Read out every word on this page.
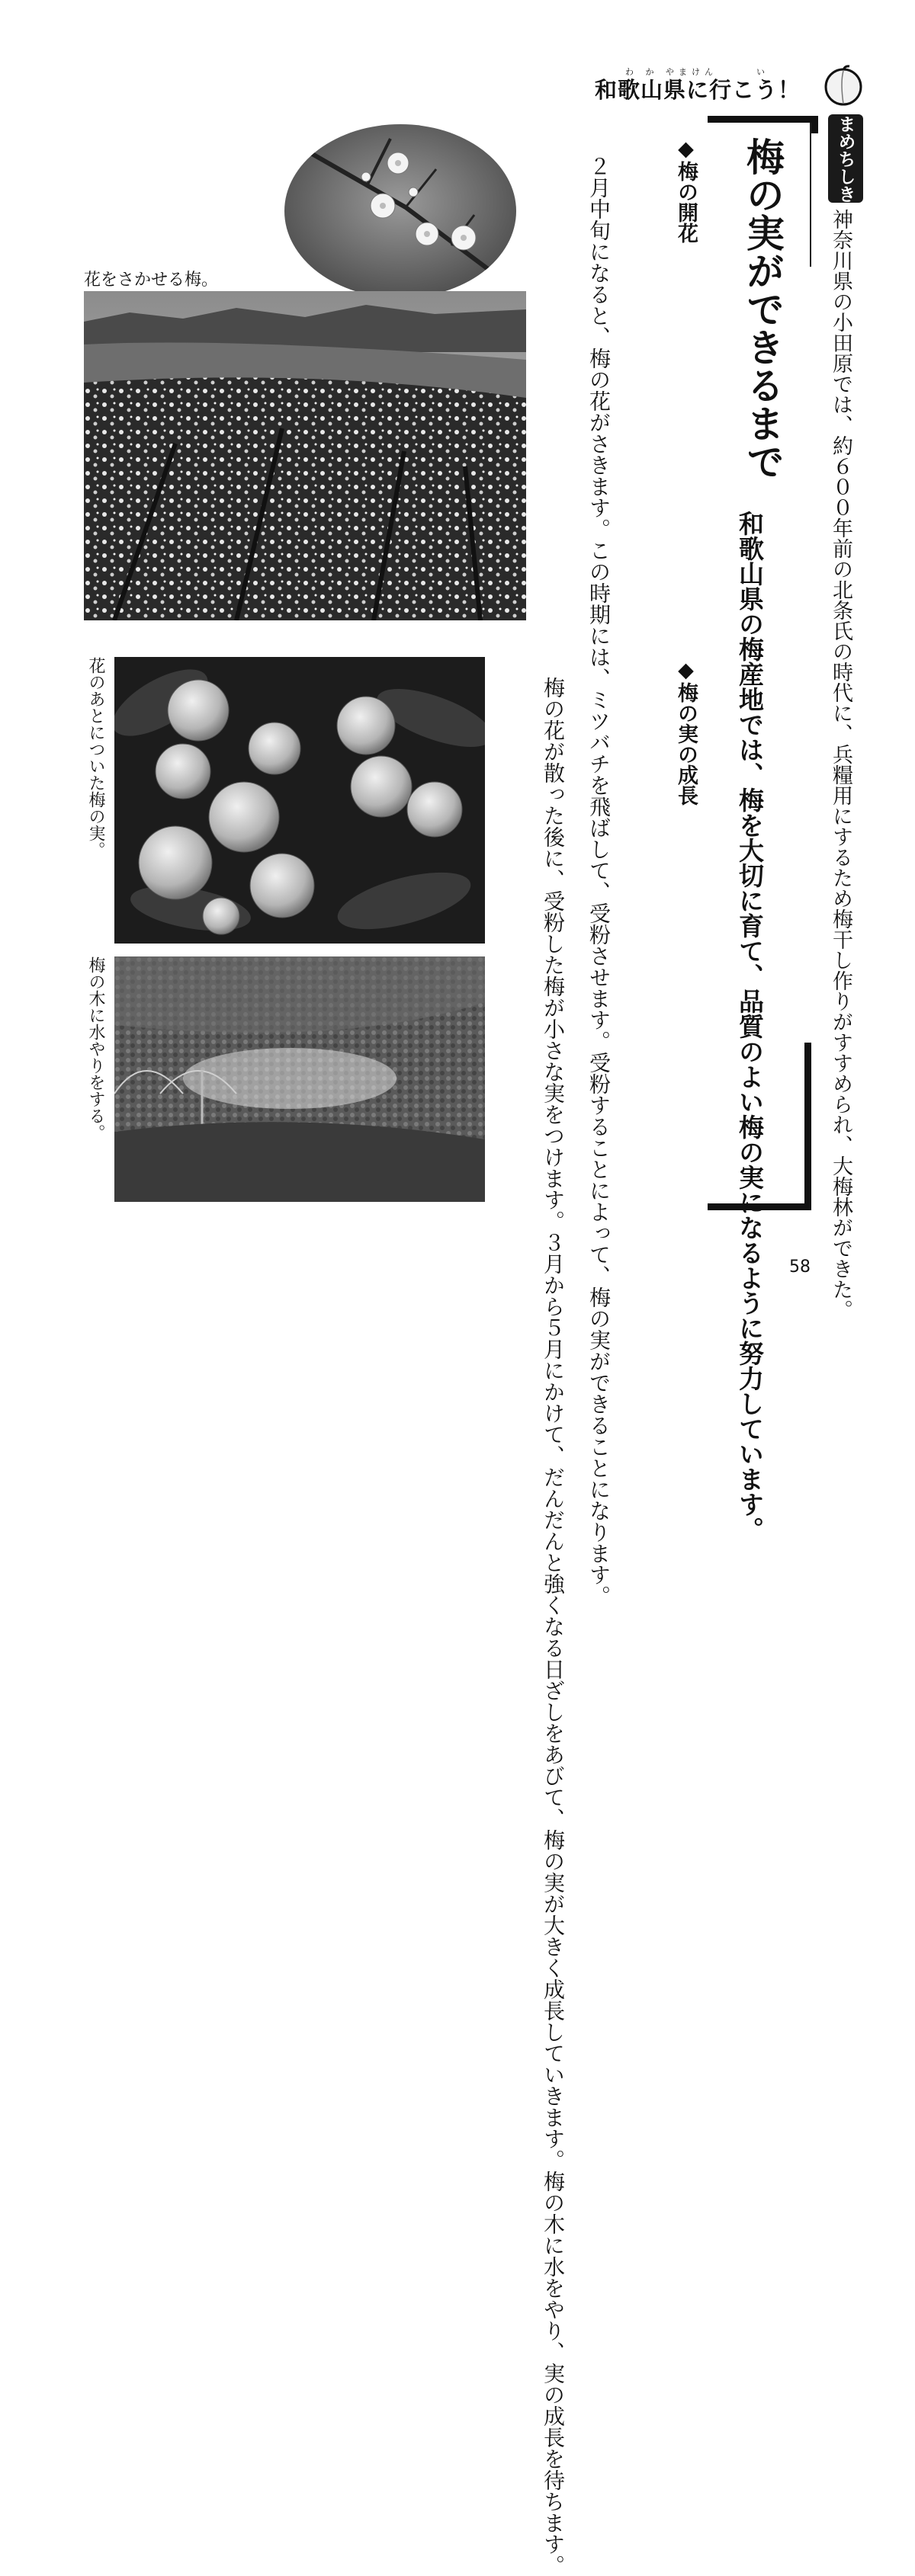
わ か やまけん　　　い
和歌山県に行こう！
まめちしき
神奈川県の小田原では、約６００年前の北条氏の時代に、兵糧用にするため梅干し作りがすすめられ、大梅林ができた。
梅の実ができるまで
和歌山県の梅産地では、梅を大切に育て、品質のよい梅の実になるように努力しています。
◆梅の開花
２月中旬になると、梅の花がさきます。この時期には、ミツバチを飛ばして、受粉させます。受粉することによって、梅の実ができることになります。	◆梅の実の成長
梅の花が散った後に、受粉した梅が小さな実をつけます。３月から５月にかけて、だんだんと強くなる日ざしをあびて、梅の実が大きく成長していきます。梅の木に水をやり、実の成長を待ちます。
花をさかせる梅。
花のあとについた梅の実。
梅の木に水やりをする。
58
